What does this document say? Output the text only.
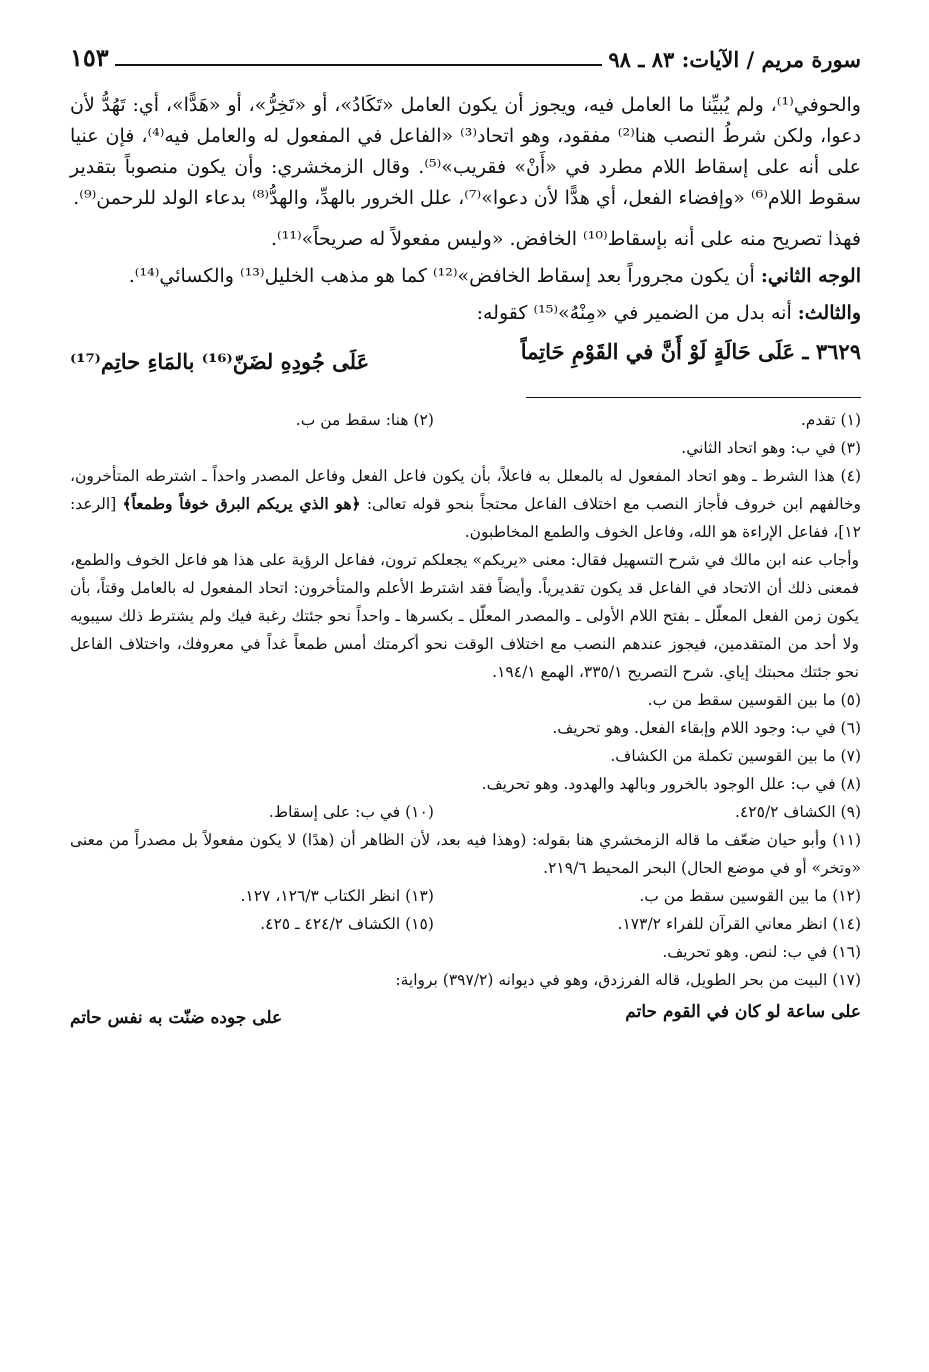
سورة مريم / الآيات: ٨٣ ـ ٩٨
١٥٣

والحوفي⁽¹⁾، ولم يُبيِّنا ما العامل فيه، ويجوز أن يكون العامل «تَكَادُ»، أو «تَخِرُّ»، أو «هَدًّا»، أي: تَهُدُّ لأن دعوا، ولكن شرطُ النصب هنا⁽²⁾ مفقود، وهو اتحاد⁽³⁾ «الفاعل في المفعول له والعامل فيه⁽⁴⁾، فإن عنيا على أنه على إسقاط اللام مطرد في «أَنْ» فقريب»⁽⁵⁾. وقال الزمخشري: وأن يكون منصوباً بتقدير سقوط اللام⁽⁶⁾ «وإفضاء الفعل، أي هدًّا لأن دعوا»⁽⁷⁾، علل الخرور بالهدِّ، والهدُّ⁽⁸⁾ بدعاء الولد للرحمن⁽⁹⁾.

فهذا تصريح منه على أنه بإسقاط⁽¹⁰⁾ الخافض. «وليس مفعولاً له صريحاً»⁽¹¹⁾.

الوجه الثاني: أن يكون مجروراً بعد إسقاط الخافض»⁽¹²⁾ كما هو مذهب الخليل⁽¹³⁾ والكسائي⁽¹⁴⁾.

والثالث: أنه بدل من الضمير في «مِنْهُ»⁽¹⁵⁾ كقوله:

٣٦٢٩ ـ عَلَى حَالَةٍ لَوْ أَنَّ في القَوْمِ حَاتِماً
عَلَى جُودِهِ لضَنّ⁽¹⁶⁾ بالمَاءِ حاتِم⁽¹⁷⁾
(١) تقدم.
(٢) هنا: سقط من ب.

(٣) في ب: وهو اتحاد الثاني.

(٤) هذا الشرط ـ وهو اتحاد المفعول له بالمعلل به فاعلاً، بأن يكون فاعل الفعل وفاعل المصدر واحداً ـ اشترطه المتأخرون، وخالفهم ابن خروف فأجاز النصب مع اختلاف الفاعل محتجاً بنحو قوله تعالى: ﴿هو الذي يريكم البرق خوفاً وطمعاً﴾ [الرعد: ١٢]، ففاعل الإراءة هو الله، وفاعل الخوف والطمع المخاطبون.

وأجاب عنه ابن مالك في شرح التسهيل فقال: معنى «يريكم» يجعلكم ترون، ففاعل الرؤية على هذا هو فاعل الخوف والطمع، فمعنى ذلك أن الاتحاد في الفاعل قد يكون تقديرياً. وأيضاً فقد اشترط الأعلم والمتأخرون: اتحاد المفعول له بالعامل وقتاً، بأن يكون زمن الفعل المعلّل ـ بفتح اللام الأولى ـ والمصدر المعلّل ـ بكسرها ـ واحداً نحو جئتك رغبة فيك ولم يشترط ذلك سيبويه ولا أحد من المتقدمين، فيجوز عندهم النصب مع اختلاف الوقت نحو أكرمتك أمس طمعاً غداً في معروفك، واختلاف الفاعل نحو جئتك محبتك إياي. شرح التصريح ٣٣٥/١، الهمع ١٩٤/١.

(٥) ما بين القوسين سقط من ب.

(٦) في ب: وجود اللام وإبقاء الفعل. وهو تحريف.

(٧) ما بين القوسين تكملة من الكشاف.

(٨) في ب: علل الوجود بالخرور وبالهد والهدود. وهو تحريف.

(٩) الكشاف ٤٢٥/٢.
(١٠) في ب: على إسقاط.

(١١) وأبو حيان ضعّف ما قاله الزمخشري هنا بقوله: (وهذا فيه بعد، لأن الظاهر أن (هدًا) لا يكون مفعولاً بل مصدراً من معنى «وتخر» أو في موضع الحال) البحر المحيط ٢١٩/٦.

(١٢) ما بين القوسين سقط من ب.
(١٣) انظر الكتاب ١٢٦/٣، ١٢٧.
(١٤) انظر معاني القرآن للفراء ١٧٣/٢.
(١٥) الكشاف ٤٢٤/٢ ـ ٤٢٥.

(١٦) في ب: لنص. وهو تحريف.

(١٧) البيت من بحر الطويل، قاله الفرزدق، وهو في ديوانه (٣٩٧/٢) برواية:

على ساعة لو كان في القوم حاتم
على جوده ضنّت به نفس حاتم
